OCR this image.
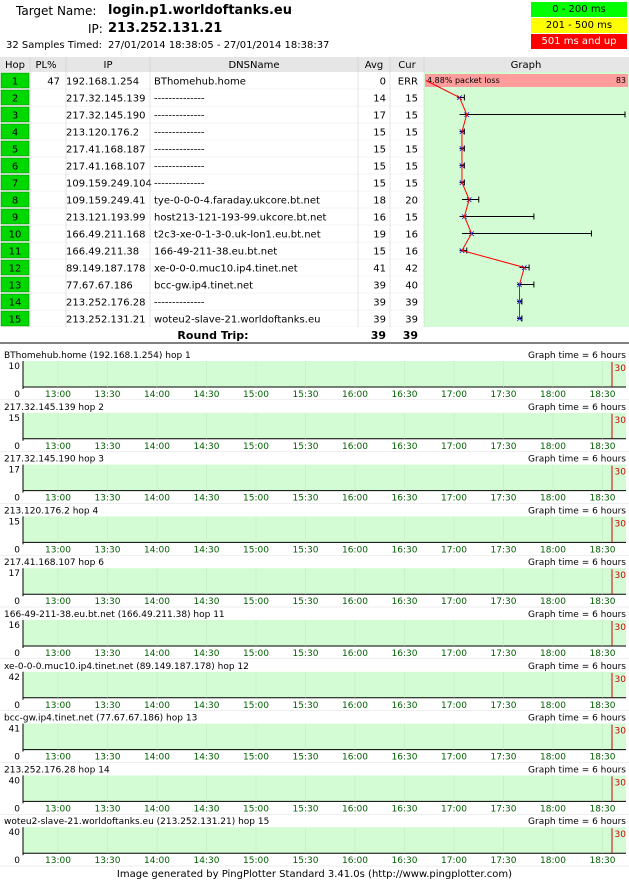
Target Name: login.p1.worldoftanks.eu
IP: 213.252.131.21
32 Samples Timed: 27/01/2014 18:38:05 - 27/01/2014 18:38:37
0 - 200 ms
201 - 500 ms
501 ms and up
Hop PL%	IP	DNSName	Avg Cur	Graph
4.88% packet loss	83
1	47 192.168.1.254 BThomehub.home	0 ERR
2	217.32.145.139 --------------	14 15	×
3	217.32.145.190 --------------	17 15	×
4	213.120.176.2 --------------	15 15	×
5	217.41.168.187 --------------	15 15	×
6	217.41.168.107 --------------	15 15	×
7	109.159.249.104 --------------	15 15	×
8	109.159.249.41 tye-0-0-0-4.faraday.ukcore.bt.net	18 20	×
9	213.121.193.99 host213-121-193-99.ukcore.bt.net	16 15	×
10	166.49.211.168 t2c3-xe-0-1-3-0.uk-lon1.eu.bt.net	19 16	×
11	166.49.211.38 166-49-211-38.eu.bt.net	15 16	×
12	89.149.187.178 xe-0-0-0.muc10.ip4.tinet.net	41 42	×
13	77.67.67.186 bcc-gw.ip4.tinet.net	39 40	×
14	213.252.176.28 --------------	39 39	×
15	213.252.131.21 woteu2-slave-21.worldoftanks.eu	39 39	×
Round Trip:	39 39
BThomehub.home (192.168.1.254) hop 1	Graph time = 6 hours
10
0
30
13:00	13:30	14:00	14:30	15:00	15:30	16:00	16:30	17:00	17:30	18:00	18:30
217.32.145.139 hop 2	Graph time = 6 hours
15
0
30
13:00	13:30	14:00	14:30	15:00	15:30	16:00	16:30	17:00	17:30	18:00	18:30
217.32.145.190 hop 3	Graph time = 6 hours
17
0
30
13:00	13:30	14:00	14:30	15:00	15:30	16:00	16:30	17:00	17:30	18:00	18:30
213.120.176.2 hop 4	Graph time = 6 hours
15
0
30
13:00	13:30	14:00	14:30	15:00	15:30	16:00	16:30	17:00	17:30	18:00	18:30
217.41.168.107 hop 6	Graph time = 6 hours
17
0
30
13:00	13:30	14:00	14:30	15:00	15:30	16:00	16:30	17:00	17:30	18:00	18:30
166-49-211-38.eu.bt.net (166.49.211.38) hop 11	Graph time = 6 hours
16
0
30
13:00	13:30	14:00	14:30	15:00	15:30	16:00	16:30	17:00	17:30	18:00	18:30
xe-0-0-0.muc10.ip4.tinet.net (89.149.187.178) hop 12	Graph time = 6 hours
42
0
30
13:00	13:30	14:00	14:30	15:00	15:30	16:00	16:30	17:00	17:30	18:00	18:30
bcc-gw.ip4.tinet.net (77.67.67.186) hop 13	Graph time = 6 hours
41
0
30
13:00	13:30	14:00	14:30	15:00	15:30	16:00	16:30	17:00	17:30	18:00	18:30
213.252.176.28 hop 14	Graph time = 6 hours
40
0
30
13:00	13:30	14:00	14:30	15:00	15:30	16:00	16:30	17:00	17:30	18:00	18:30
woteu2-slave-21.worldoftanks.eu (213.252.131.21) hop 15	Graph time = 6 hours
40
0
30
13:00	13:30	14:00	14:30	15:00	15:30	16:00	16:30	17:00	17:30	18:00	18:30
Image generated by PingPlotter Standard 3.41.0s (http://www.pingplotter.com)
